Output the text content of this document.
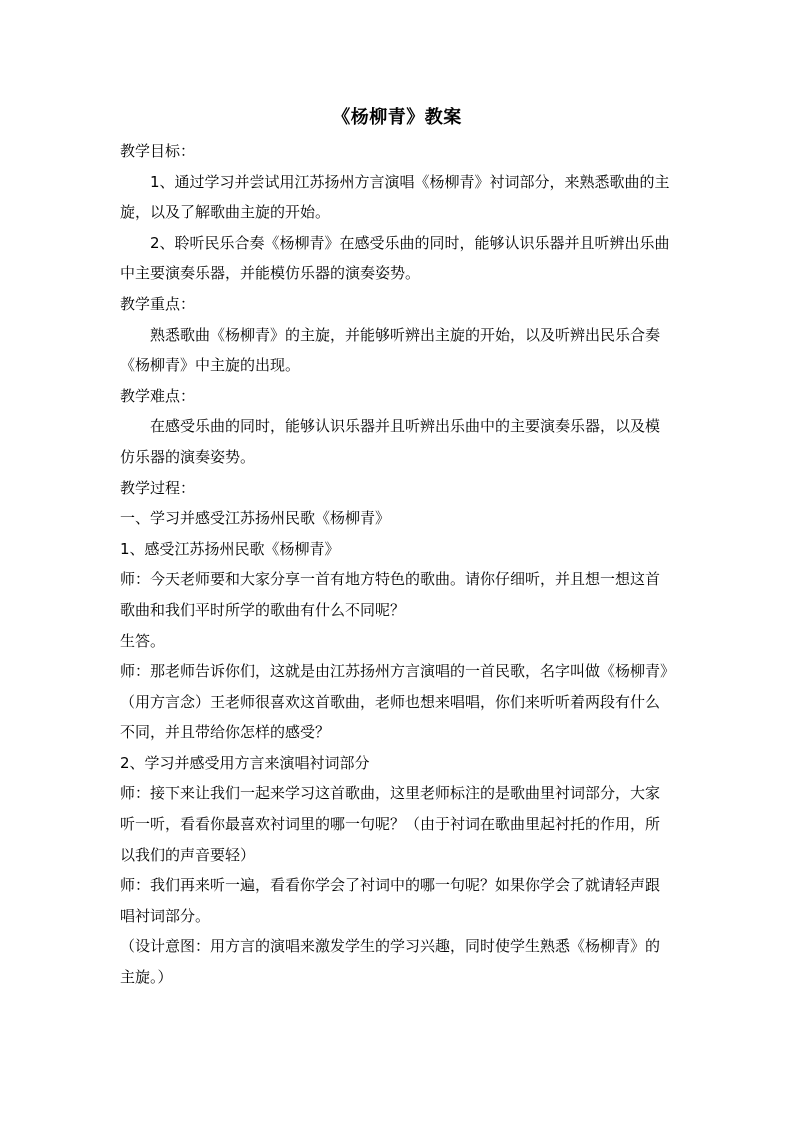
《杨柳青》教案

教学目标：

1、通过学习并尝试用江苏扬州方言演唱《杨柳青》衬词部分，来熟悉歌曲的主旋，以及了解歌曲主旋的开始。

2、聆听民乐合奏《杨柳青》在感受乐曲的同时，能够认识乐器并且听辨出乐曲中主要演奏乐器，并能模仿乐器的演奏姿势。

教学重点：

熟悉歌曲《杨柳青》的主旋，并能够听辨出主旋的开始，以及听辨出民乐合奏《杨柳青》中主旋的出现。

教学难点：

在感受乐曲的同时，能够认识乐器并且听辨出乐曲中的主要演奏乐器，以及模仿乐器的演奏姿势。

教学过程：

一、学习并感受江苏扬州民歌《杨柳青》

1、感受江苏扬州民歌《杨柳青》

师：今天老师要和大家分享一首有地方特色的歌曲。请你仔细听，并且想一想这首歌曲和我们平时所学的歌曲有什么不同呢？

生答。

师：那老师告诉你们，这就是由江苏扬州方言演唱的一首民歌，名字叫做《杨柳青》（用方言念）王老师很喜欢这首歌曲，老师也想来唱唱，你们来听听着两段有什么不同，并且带给你怎样的感受？

2、学习并感受用方言来演唱衬词部分

师：接下来让我们一起来学习这首歌曲，这里老师标注的是歌曲里衬词部分，大家听一听，看看你最喜欢衬词里的哪一句呢？（由于衬词在歌曲里起衬托的作用，所以我们的声音要轻）

师：我们再来听一遍，看看你学会了衬词中的哪一句呢？如果你学会了就请轻声跟唱衬词部分。

（设计意图：用方言的演唱来激发学生的学习兴趣，同时使学生熟悉《杨柳青》的主旋。）
